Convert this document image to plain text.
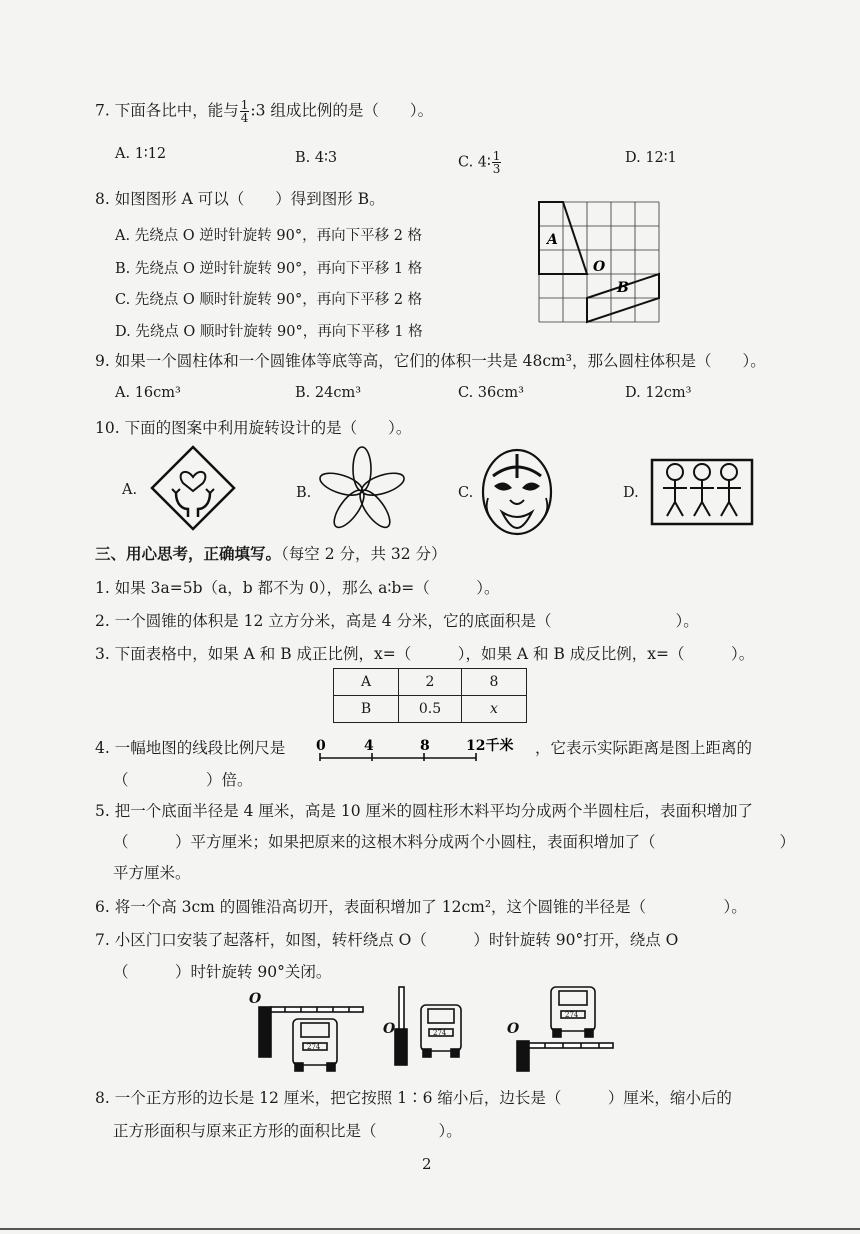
7. 下面各比中，能与 $\frac{1}{4}$ :3 组成比例的是（　　）。
A. 1∶12	B. 4∶3	C. 4∶ $\frac{1}{3}$	D. 12∶1
8. 如图图形 A 可以（　　）得到图形 B。
A. 先绕点 O 逆时针旋转 90°，再向下平移 2 格
B. 先绕点 O 逆时针旋转 90°，再向下平移 1 格
C. 先绕点 O 顺时针旋转 90°，再向下平移 2 格
D. 先绕点 O 顺时针旋转 90°，再向下平移 1 格
A
O
B
9. 如果一个圆柱体和一个圆锥体等底等高，它们的体积一共是 48cm³，那么圆柱体积是（　　）。
A. 16cm³	B. 24cm³	C. 36cm³	D. 12cm³
10. 下面的图案中利用旋转设计的是（　　）。
A.	B.	C.	D.
三、用心思考，正确填写。（每空 2 分，共 32 分）
1. 如果 3a=5b（a，b 都不为 0），那么 a∶b=（　　　）。
2. 一个圆锥的体积是 12 立方分米，高是 4 分米，它的底面积是（　　　　　　　　）。
3. 下面表格中，如果 A 和 B 成正比例，x=（　　　），如果 A 和 B 成反比例，x=（　　　）。
A	2	8
B	0.5	x
4. 一幅地图的线段比例尺是 0	4	8	12千米 ，它表示实际距离是图上距离的
（　　　　　）倍。
5. 把一个底面半径是 4 厘米，高是 10 厘米的圆柱形木料平均分成两个半圆柱后，表面积增加了
（　　　）平方厘米；如果把原来的这根木料分成两个小圆柱，表面积增加了（　　　　　　　　）
平方厘米。
6. 将一个高 3cm 的圆锥沿高切开，表面积增加了 12cm²，这个圆锥的半径是（　　　　　）。
7. 小区门口安装了起落杆，如图，转杆绕点 O（　　　）时针旋转 90°打开，绕点 O
（　　　）时针旋转 90°关闭。
O
274
O	274
274
O
8. 一个正方形的边长是 12 厘米，把它按照 1∶6 缩小后，边长是（　　　）厘米，缩小后的
正方形面积与原来正方形的面积比是（　　　　）。
2
